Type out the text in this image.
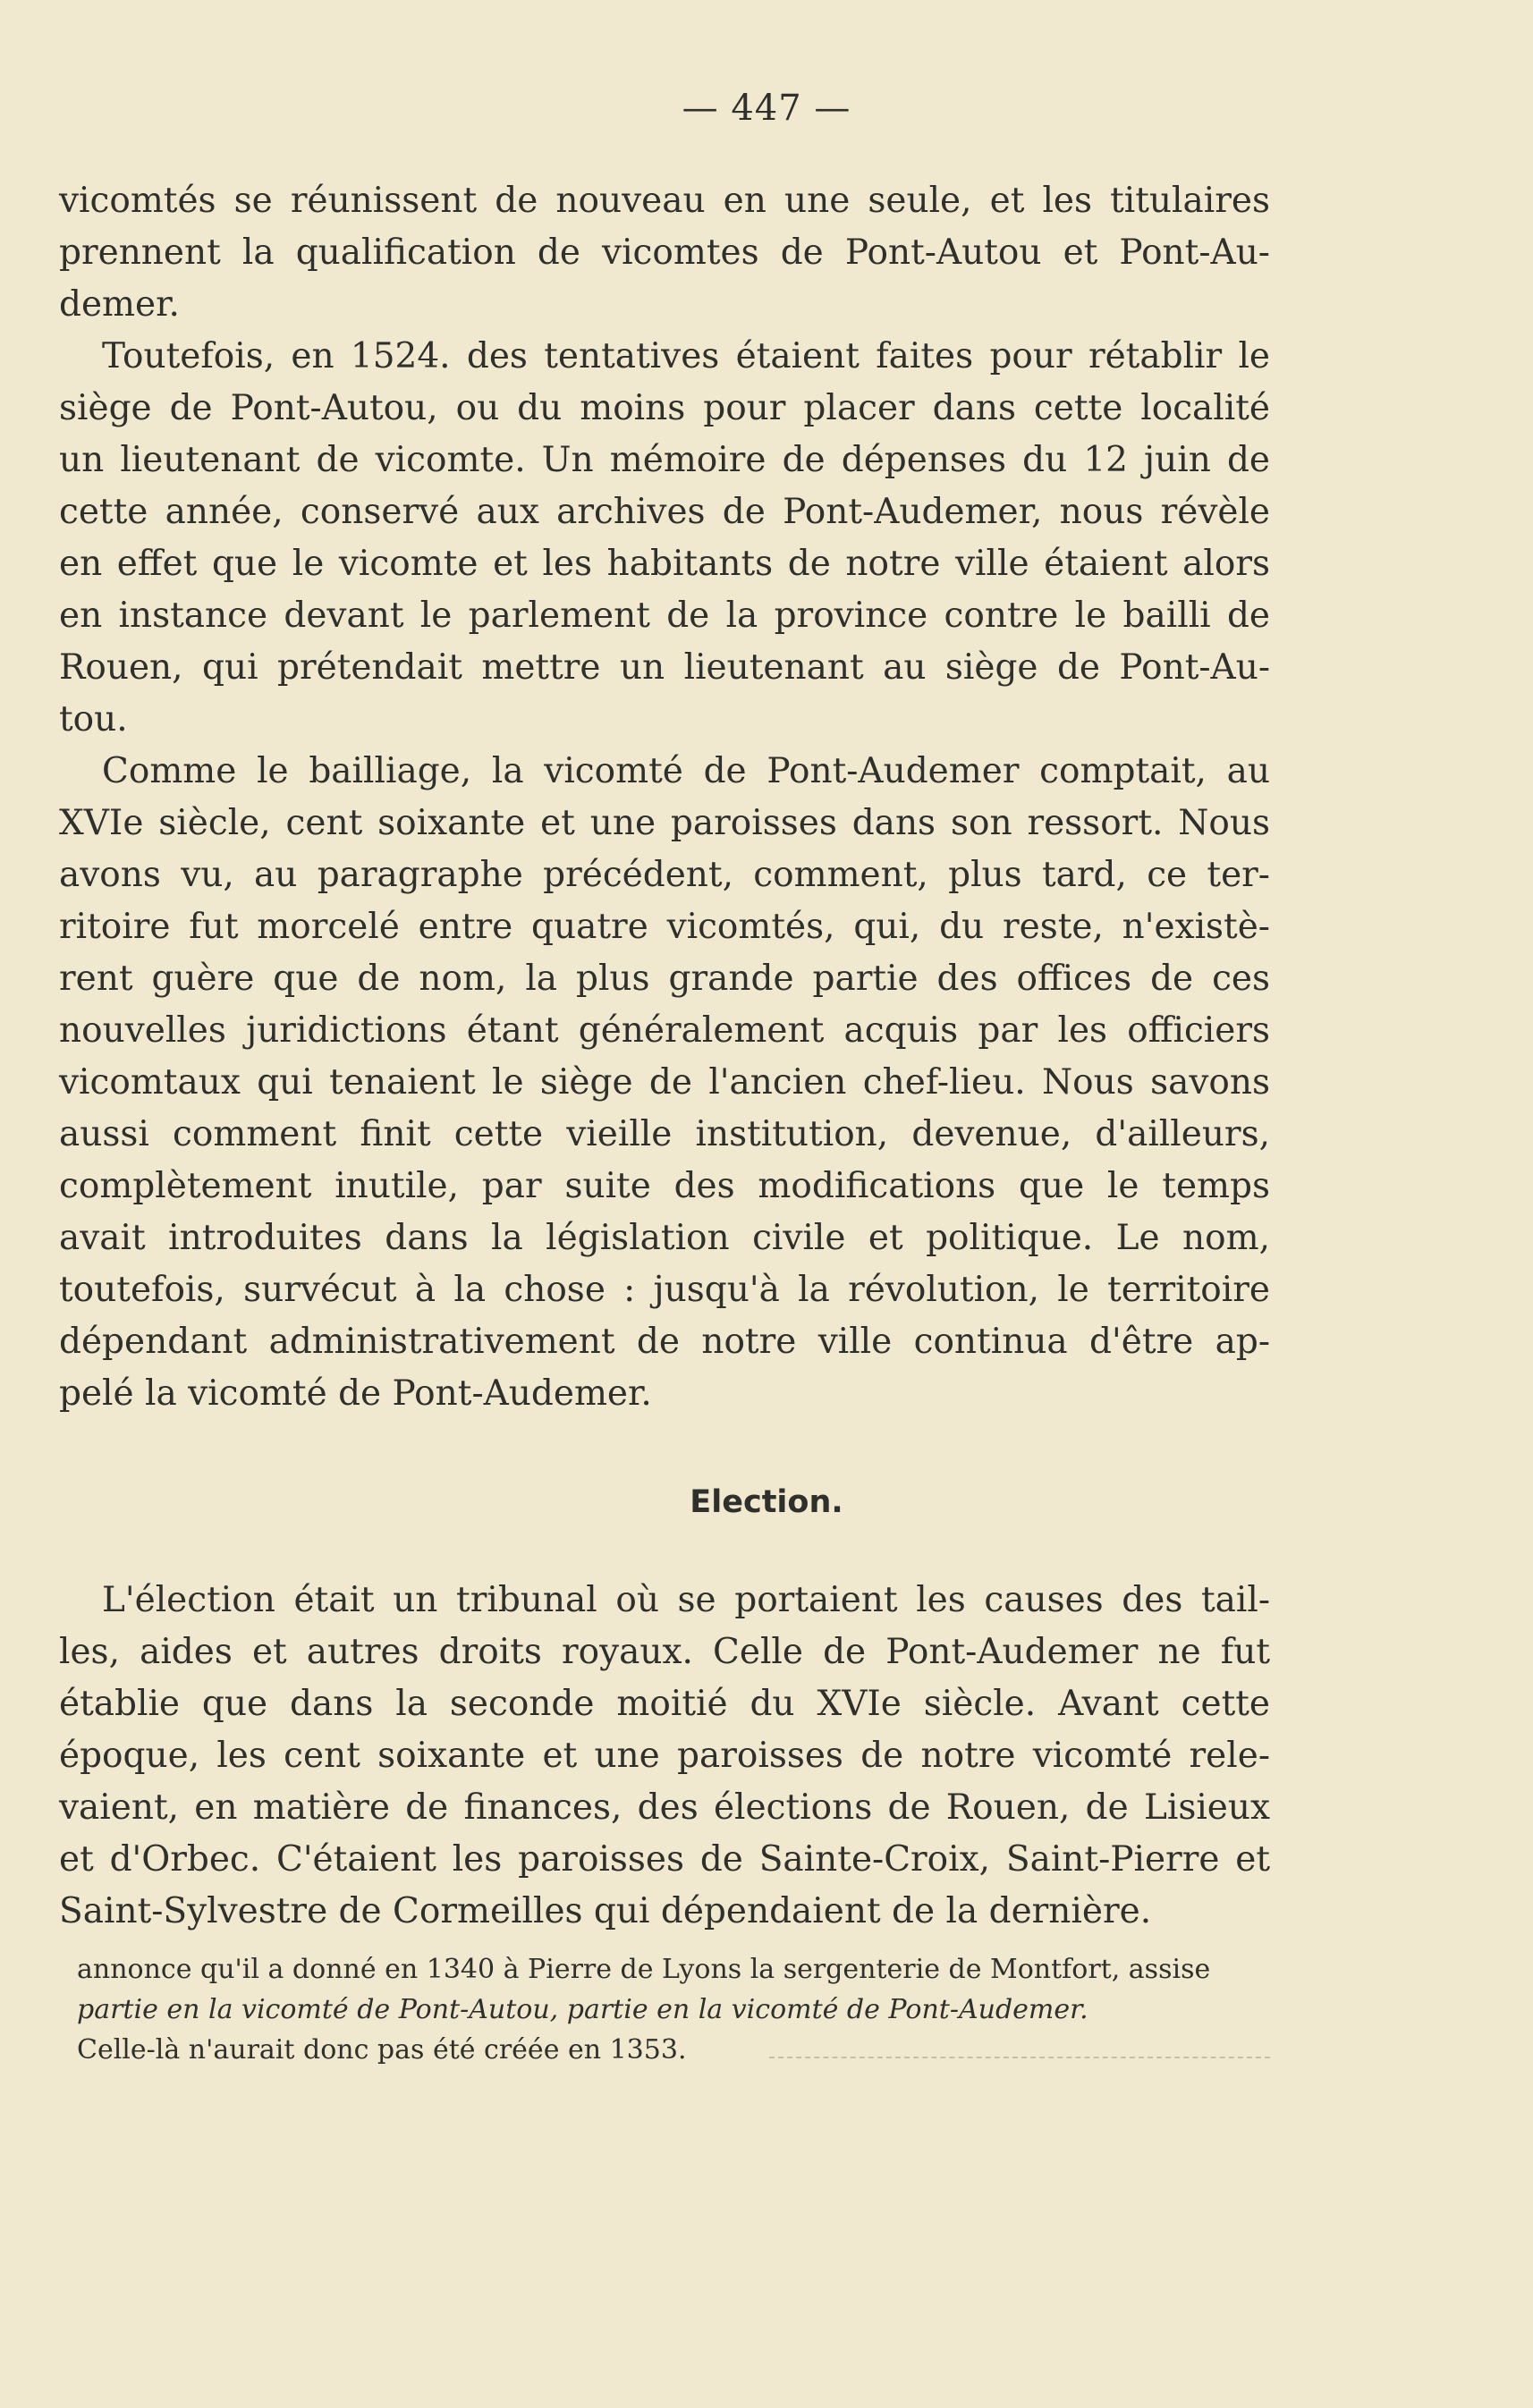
— 447 —
vicomtés se réunissent de nouveau en une seule, et les titulaires
prennent la qualification de vicomtes de Pont-Autou et Pont-Au-
demer.
Toutefois, en 1524. des tentatives étaient faites pour rétablir le
siège de Pont-Autou, ou du moins pour placer dans cette localité
un lieutenant de vicomte. Un mémoire de dépenses du 12 juin de
cette année, conservé aux archives de Pont-Audemer, nous révèle
en effet que le vicomte et les habitants de notre ville étaient alors
en instance devant le parlement de la province contre le bailli de
Rouen, qui prétendait mettre un lieutenant au siège de Pont-Au-
tou.
Comme le bailliage, la vicomté de Pont-Audemer comptait, au
XVIe siècle, cent soixante et une paroisses dans son ressort. Nous
avons vu, au paragraphe précédent, comment, plus tard, ce ter-
ritoire fut morcelé entre quatre vicomtés, qui, du reste, n'existè-
rent guère que de nom, la plus grande partie des offices de ces
nouvelles juridictions étant généralement acquis par les officiers
vicomtaux qui tenaient le siège de l'ancien chef-lieu. Nous savons
aussi comment finit cette vieille institution, devenue, d'ailleurs,
complètement inutile, par suite des modifications que le temps
avait introduites dans la législation civile et politique. Le nom,
toutefois, survécut à la chose : jusqu'à la révolution, le territoire
dépendant administrativement de notre ville continua d'être ap-
pelé la vicomté de Pont-Audemer.
Election.
L'élection était un tribunal où se portaient les causes des tail-
les, aides et autres droits royaux. Celle de Pont-Audemer ne fut
établie que dans la seconde moitié du XVIe siècle. Avant cette
époque, les cent soixante et une paroisses de notre vicomté rele-
vaient, en matière de finances, des élections de Rouen, de Lisieux
et d'Orbec. C'étaient les paroisses de Sainte-Croix, Saint-Pierre et
Saint-Sylvestre de Cormeilles qui dépendaient de la dernière.
annonce qu'il a donné en 1340 à Pierre de Lyons la sergenterie de Montfort, assise
partie en la vicomté de Pont-Autou, partie en la vicomté de Pont-Audemer.
Celle-là n'aurait donc pas été créée en 1353.
